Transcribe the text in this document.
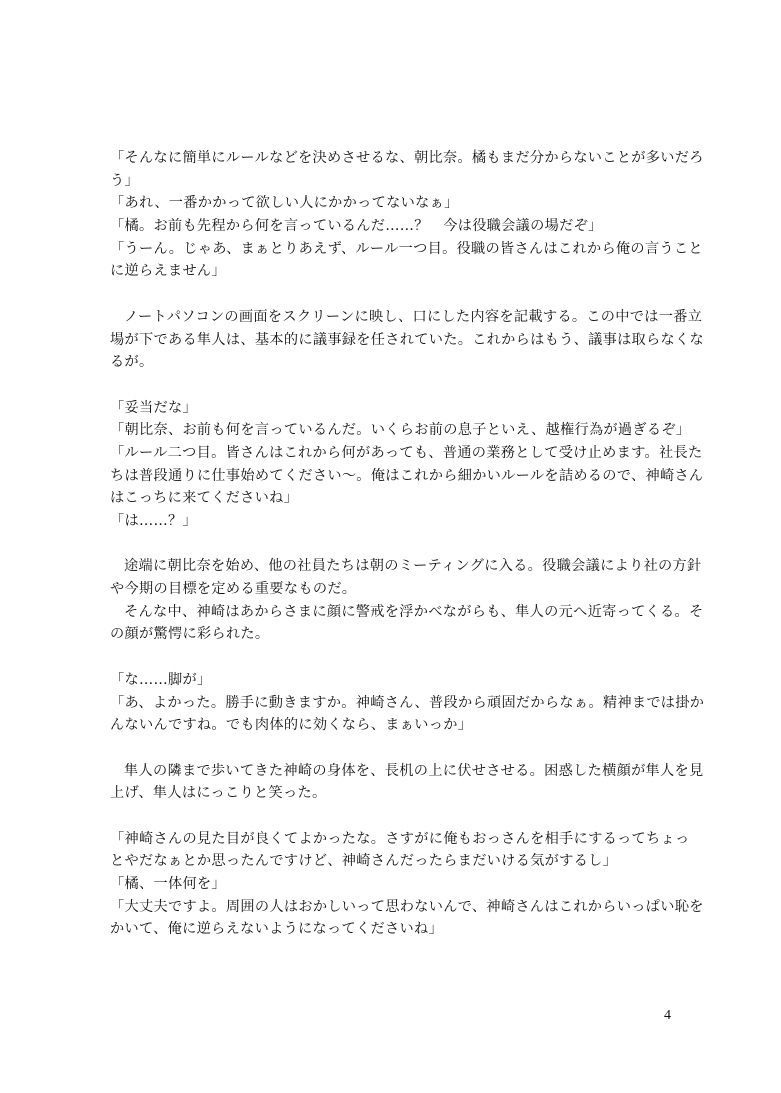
「そんなに簡単にルールなどを決めさせるな、朝比奈。橘もまだ分からないことが多いだろ
う」
「あれ、一番かかって欲しい人にかかってないなぁ」
「橘。お前も先程から何を言っているんだ……？　今は役職会議の場だぞ」
「うーん。じゃあ、まぁとりあえず、ルール一つ目。役職の皆さんはこれから俺の言うこと
に逆らえません」
ノートパソコンの画面をスクリーンに映し、口にした内容を記載する。この中では一番立
場が下である隼人は、基本的に議事録を任されていた。これからはもう、議事は取らなくな
るが。
「妥当だな」
「朝比奈、お前も何を言っているんだ。いくらお前の息子といえ、越権行為が過ぎるぞ」
「ルール二つ目。皆さんはこれから何があっても、普通の業務として受け止めます。社長た
ちは普段通りに仕事始めてください～。俺はこれから細かいルールを詰めるので、神崎さん
はこっちに来てくださいね」
「は……？」
途端に朝比奈を始め、他の社員たちは朝のミーティングに入る。役職会議により社の方針
や今期の目標を定める重要なものだ。
そんな中、神崎はあからさまに顔に警戒を浮かべながらも、隼人の元へ近寄ってくる。そ
の顔が驚愕に彩られた。
「な……脚が」
「あ、よかった。勝手に動きますか。神崎さん、普段から頑固だからなぁ。精神までは掛か
んないんですね。でも肉体的に効くなら、まぁいっか」
隼人の隣まで歩いてきた神崎の身体を、長机の上に伏せさせる。困惑した横顔が隼人を見
上げ、隼人はにっこりと笑った。
「神崎さんの見た目が良くてよかったな。さすがに俺もおっさんを相手にするってちょっ
とやだなぁとか思ったんですけど、神崎さんだったらまだいける気がするし」
「橘、一体何を」
「大丈夫ですよ。周囲の人はおかしいって思わないんで、神崎さんはこれからいっぱい恥を
かいて、俺に逆らえないようになってくださいね」
4
